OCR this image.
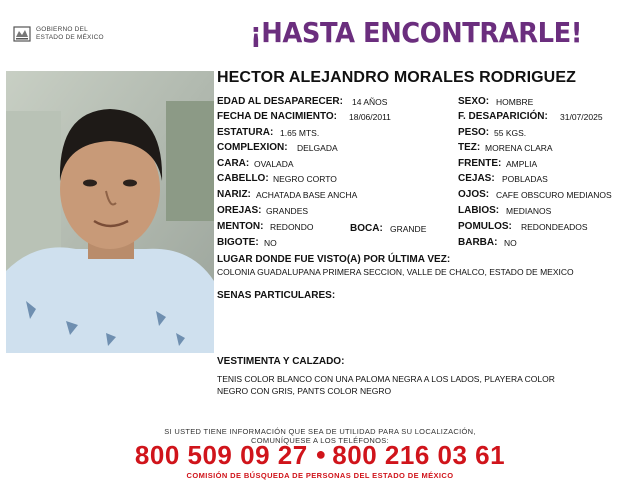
GOBIERNO DEL
ESTADO DE MÉXICO	¡HASTA ENCONTRARLE!
HECTOR ALEJANDRO MORALES RODRIGUEZ
EDAD AL DESAPARECER: 14 AÑOS
FECHA DE NACIMIENTO: 18/06/2011
ESTATURA: 1.65 MTS.
COMPLEXION: DELGADA
CARA: OVALADA
CABELLO: NEGRO CORTO
NARIZ: ACHATADA BASE ANCHA
OREJAS: GRANDES
MENTON: REDONDO	BOCA: GRANDE
BIGOTE: NO
SEXO: HOMBRE
F. DESAPARICIÓN: 31/07/2025
PESO: 55 KGS.
TEZ: MORENA CLARA
FRENTE: AMPLIA
CEJAS: POBLADAS
OJOS: CAFE OBSCURO MEDIANOS
LABIOS: MEDIANOS
POMULOS: REDONDEADOS
BARBA: NO
LUGAR DONDE FUE VISTO(A) POR ÚLTIMA VEZ:
COLONIA GUADALUPANA PRIMERA SECCION, VALLE DE CHALCO, ESTADO DE MEXICO
SENAS PARTICULARES:
VESTIMENTA Y CALZADO:
TENIS COLOR BLANCO CON UNA PALOMA NEGRA A LOS LADOS, PLAYERA COLOR
NEGRO CON GRIS, PANTS COLOR NEGRO
SI USTED TIENE INFORMACIÓN QUE SEA DE UTILIDAD PARA SU LOCALIZACIÓN,
COMUNÍQUESE A LOS TELÉFONOS:
800 509 09 27 ● 800 216 03 61
COMISIÓN DE BÚSQUEDA DE PERSONAS DEL ESTADO DE MÉXICO
